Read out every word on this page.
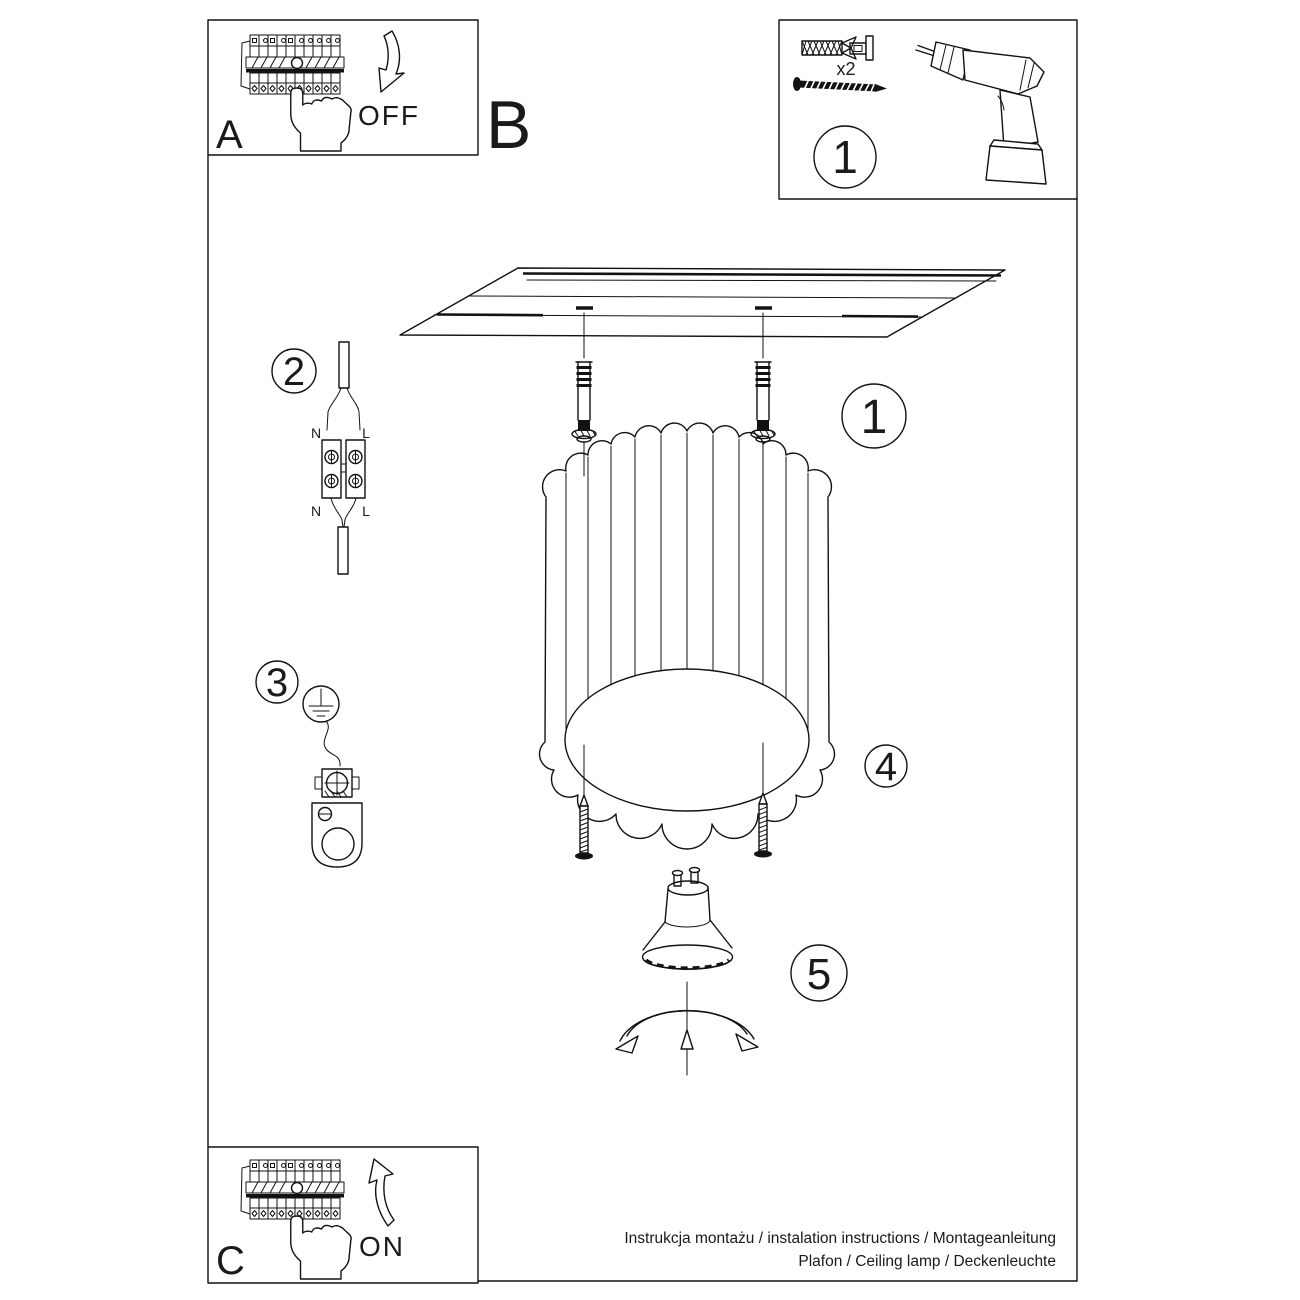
OFF
A	B
x2
1
1
4
5
2
N	L
N	L
3
ON
C
Instrukcja montażu / instalation instructions / Montageanleitung
Plafon / Ceiling lamp / Deckenleuchte
